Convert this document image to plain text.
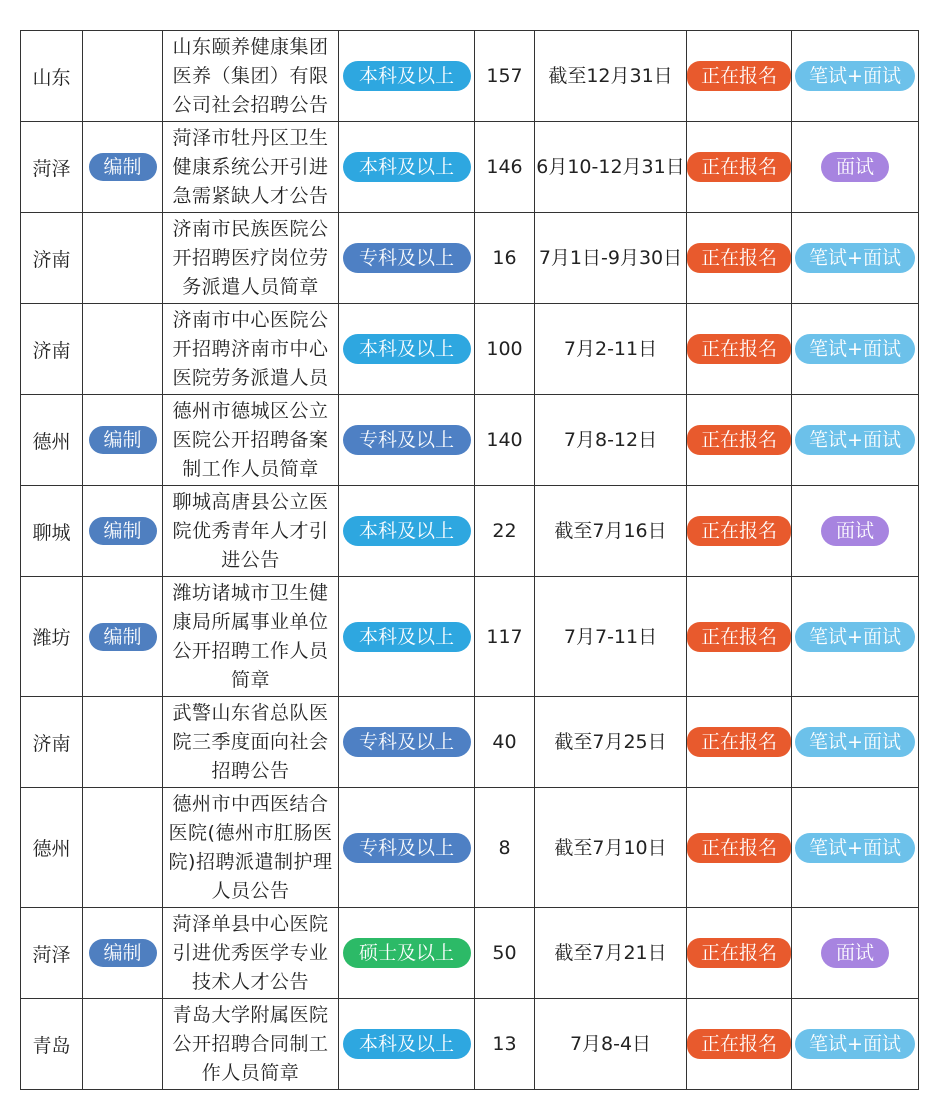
山东		山东颐养健康集团医养（集团）有限公司社会招聘公告	本科及以上	157	截至12月31日	正在报名	笔试+面试
菏泽	编制	菏泽市牡丹区卫生健康系统公开引进急需紧缺人才公告	本科及以上	146	6月10-12月31日	正在报名	面试
济南		济南市民族医院公开招聘医疗岗位劳务派遣人员简章	专科及以上	16	7月1日-9月30日	正在报名	笔试+面试
济南		济南市中心医院公开招聘济南市中心医院劳务派遣人员	本科及以上	100	7月2-11日	正在报名	笔试+面试
德州	编制	德州市德城区公立医院公开招聘备案制工作人员简章	专科及以上	140	7月8-12日	正在报名	笔试+面试
聊城	编制	聊城高唐县公立医院优秀青年人才引进公告	本科及以上	22	截至7月16日	正在报名	面试
潍坊	编制	潍坊诸城市卫生健康局所属事业单位公开招聘工作人员简章	本科及以上	117	7月7-11日	正在报名	笔试+面试
济南		武警山东省总队医院三季度面向社会招聘公告	专科及以上	40	截至7月25日	正在报名	笔试+面试
德州		德州市中西医结合医院(德州市肛肠医院)招聘派遣制护理人员公告	专科及以上	8	截至7月10日	正在报名	笔试+面试
菏泽	编制	菏泽单县中心医院引进优秀医学专业技术人才公告	硕士及以上	50	截至7月21日	正在报名	面试
青岛		青岛大学附属医院公开招聘合同制工作人员简章	本科及以上	13	7月8-4日	正在报名	笔试+面试
